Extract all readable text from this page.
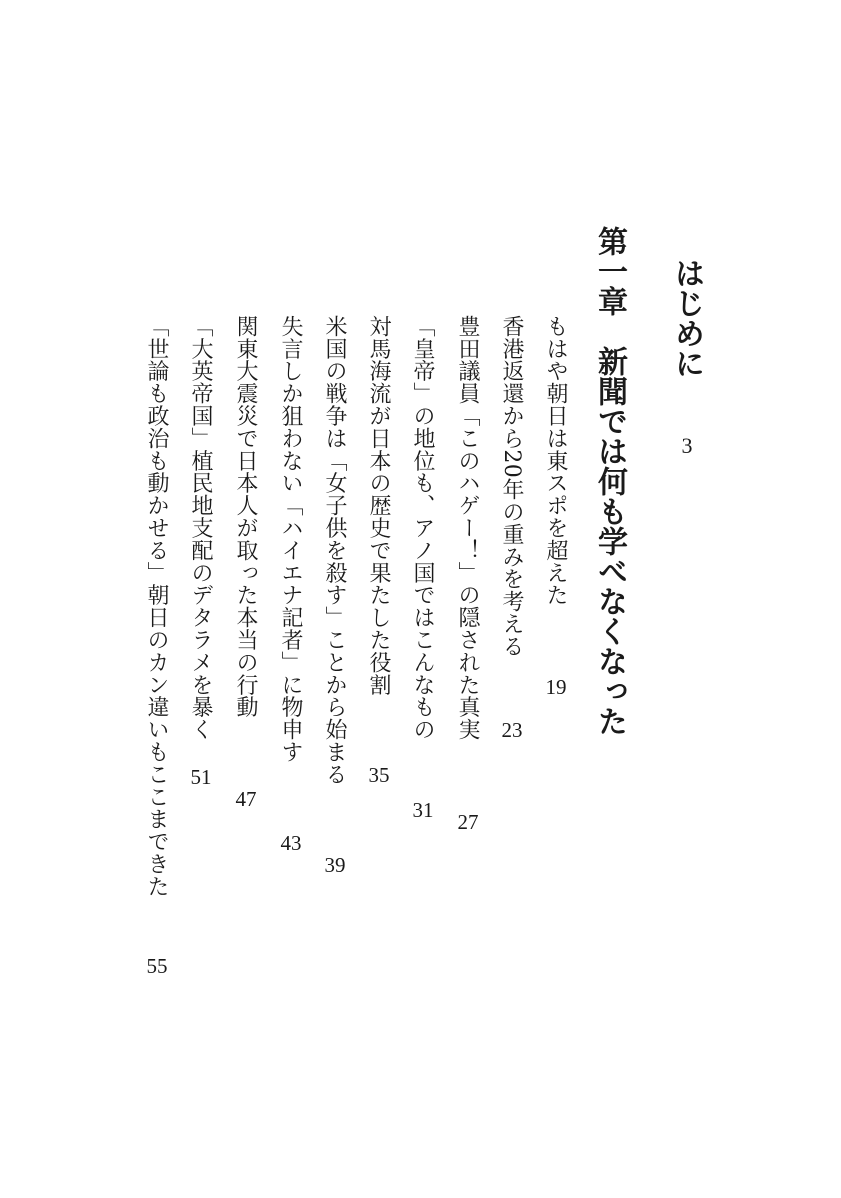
はじめに
3
第一章　新聞では何も学べなくなった
もはや朝日は東スポを超えた
19
香港返還から20年の重みを考える
23
豊田議員「このハゲー！」の隠された真実
27
「皇帝」の地位も、アノ国ではこんなもの
31
対馬海流が日本の歴史で果たした役割
35
米国の戦争は「女子供を殺す」ことから始まる
39
失言しか狙わない「ハイエナ記者」に物申す
43
関東大震災で日本人が取った本当の行動
47
「大英帝国」植民地支配のデタラメを暴く
51
「世論も政治も動かせる」朝日のカン違いもここまできた
55
